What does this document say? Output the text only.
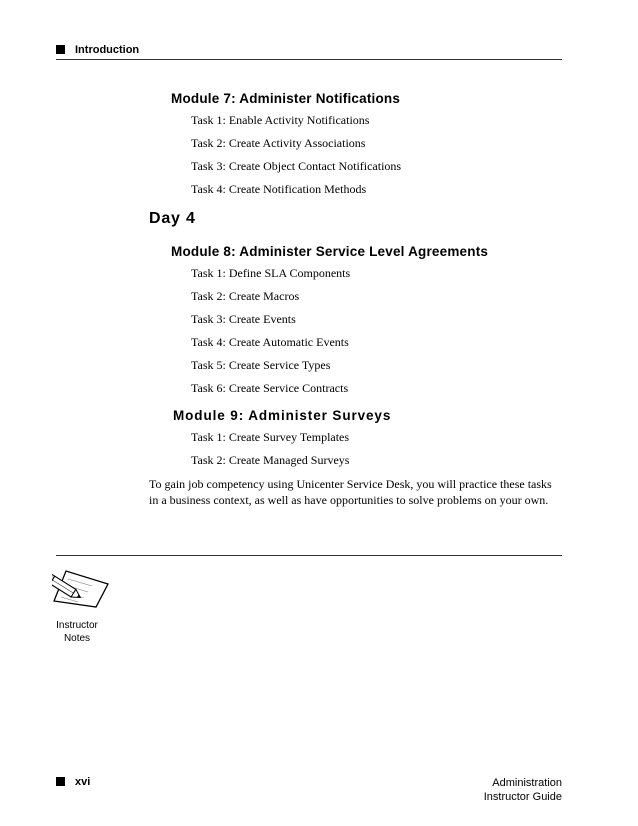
Introduction
Module 7: Administer Notifications
Task 1: Enable Activity Notifications
Task 2: Create Activity Associations
Task 3: Create Object Contact Notifications
Task 4: Create Notification Methods
Day 4
Module 8: Administer Service Level Agreements
Task 1: Define SLA Components
Task 2: Create Macros
Task 3: Create Events
Task 4: Create Automatic Events
Task 5: Create Service Types
Task 6: Create Service Contracts
Module 9: Administer Surveys
Task 1: Create Survey Templates
Task 2: Create Managed Surveys
To gain job competency using Unicenter Service Desk, you will practice these tasks
in a business context, as well as have opportunities to solve problems on your own.
Instructor
Notes
xvi	Administration
Instructor Guide
